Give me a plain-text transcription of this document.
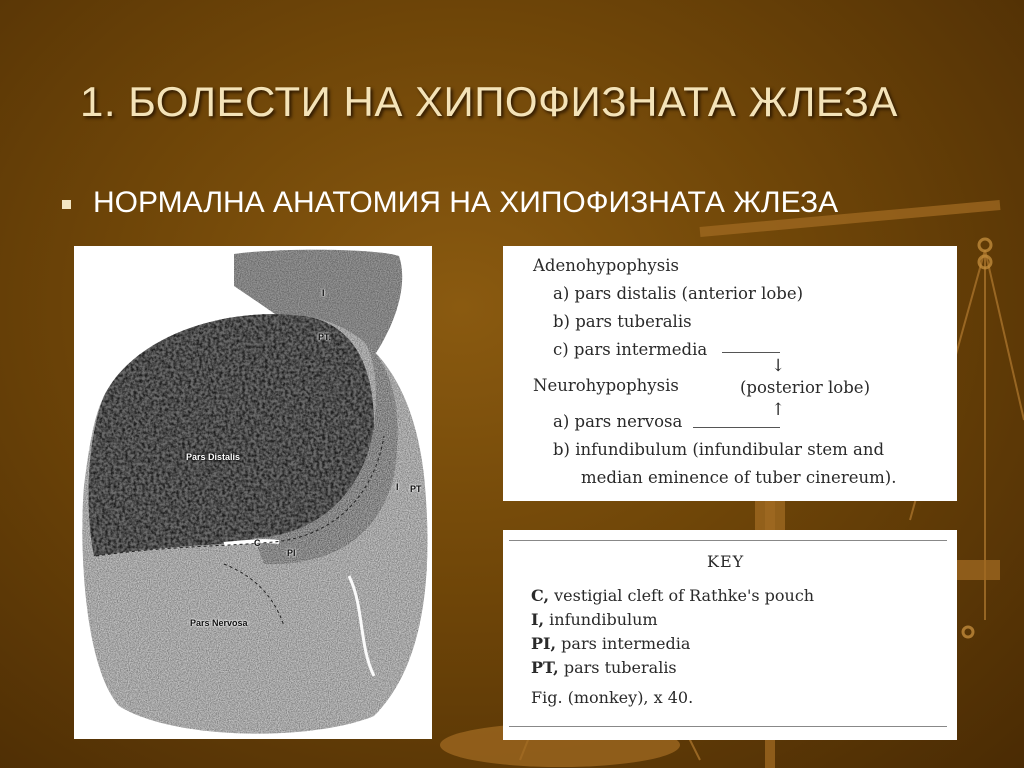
1. БОЛЕСТИ НА ХИПОФИЗНАТА ЖЛЕЗА
НОРМАЛНА АНАТОМИЯ НА ХИПОФИЗНАТА ЖЛЕЗА
Pars Distalis
Pars Nervosa
C
PI
PT.
PT
I
I
Adenohypophysis
a) pars distalis (anterior lobe)
b) pars tuberalis
c) pars intermedia
↓
Neurohypophysis	(posterior lobe)
↑
a) pars nervosa
b) infundibulum (infundibular stem and
median eminence of tuber cinereum).
KEY
C, vestigial cleft of Rathke's pouch
I, infundibulum
PI, pars intermedia
PT, pars tuberalis
Fig. (monkey), x 40.
